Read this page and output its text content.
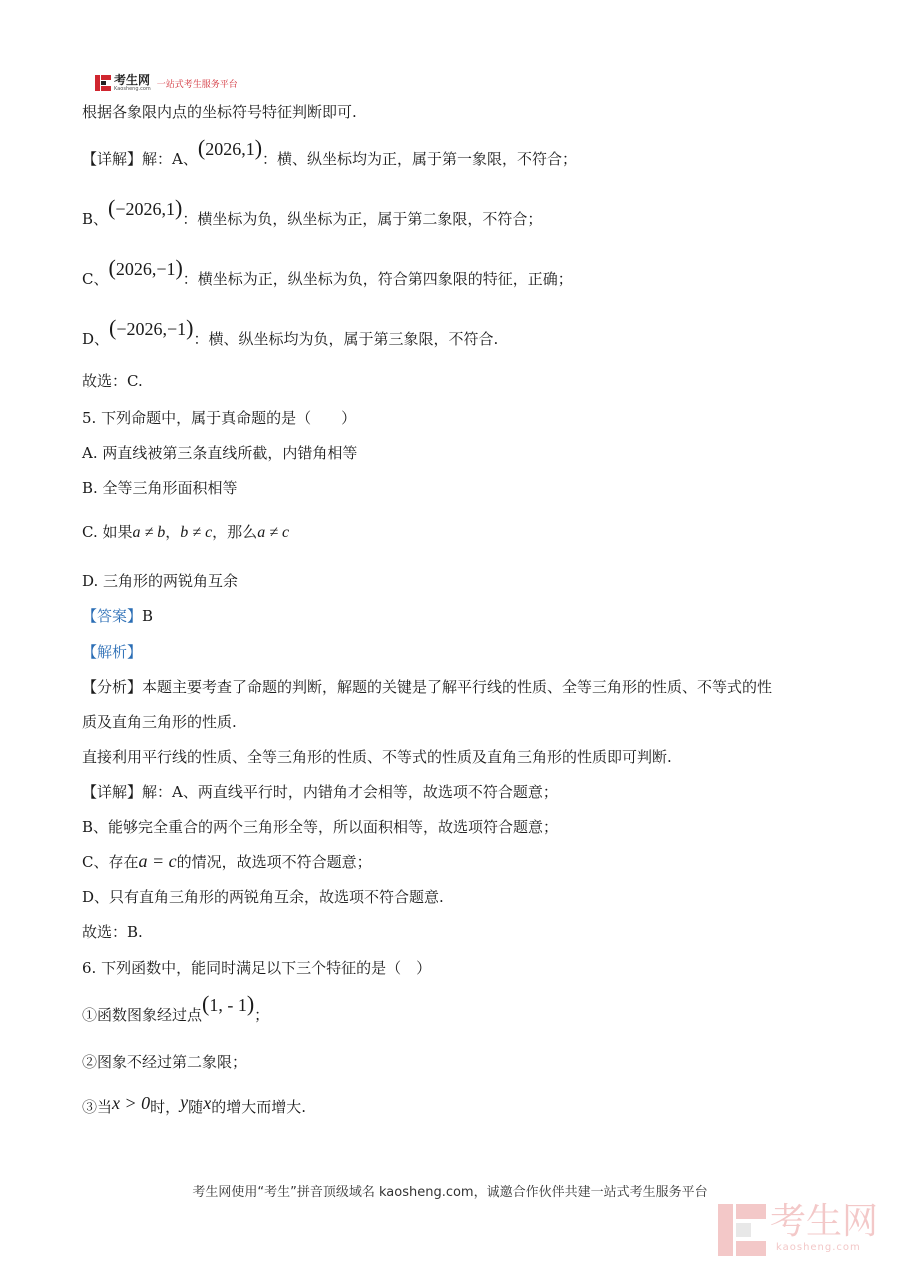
考生网
Kaosheng.com 一站式考生服务平台
根据各象限内点的坐标符号特征判断即可.
【详解】解：A、(2026,1)：横、纵坐标均为正，属于第一象限，不符合；
B、(−2026,1)：横坐标为负，纵坐标为正，属于第二象限，不符合；
C、(2026,−1)：横坐标为正，纵坐标为负，符合第四象限的特征，正确；
D、(−2026,−1)：横、纵坐标均为负，属于第三象限，不符合.
故选：C.
5. 下列命题中，属于真命题的是（　　）
A. 两直线被第三条直线所截，内错角相等
B. 全等三角形面积相等
C. 如果a ≠ b，b ≠ c，那么a ≠ c
D. 三角形的两锐角互余
【答案】B
【解析】
【分析】本题主要考查了命题的判断，解题的关键是了解平行线的性质、全等三角形的性质、不等式的性
质及直角三角形的性质.
直接利用平行线的性质、全等三角形的性质、不等式的性质及直角三角形的性质即可判断.
【详解】解：A、两直线平行时，内错角才会相等，故选项不符合题意；
B、能够完全重合的两个三角形全等，所以面积相等，故选项符合题意；
C、存在a = c的情况，故选项不符合题意；
D、只有直角三角形的两锐角互余，故选项不符合题意.
故选：B.
6. 下列函数中，能同时满足以下三个特征的是（　）
①函数图象经过点(1, - 1)；
②图象不经过第二象限；
③当x > 0时，y随x的增大而增大.
考生网使用“考生”拼音顶级域名 kaosheng.com，诚邀合作伙伴共建一站式考生服务平台
考生网
kaosheng.com
